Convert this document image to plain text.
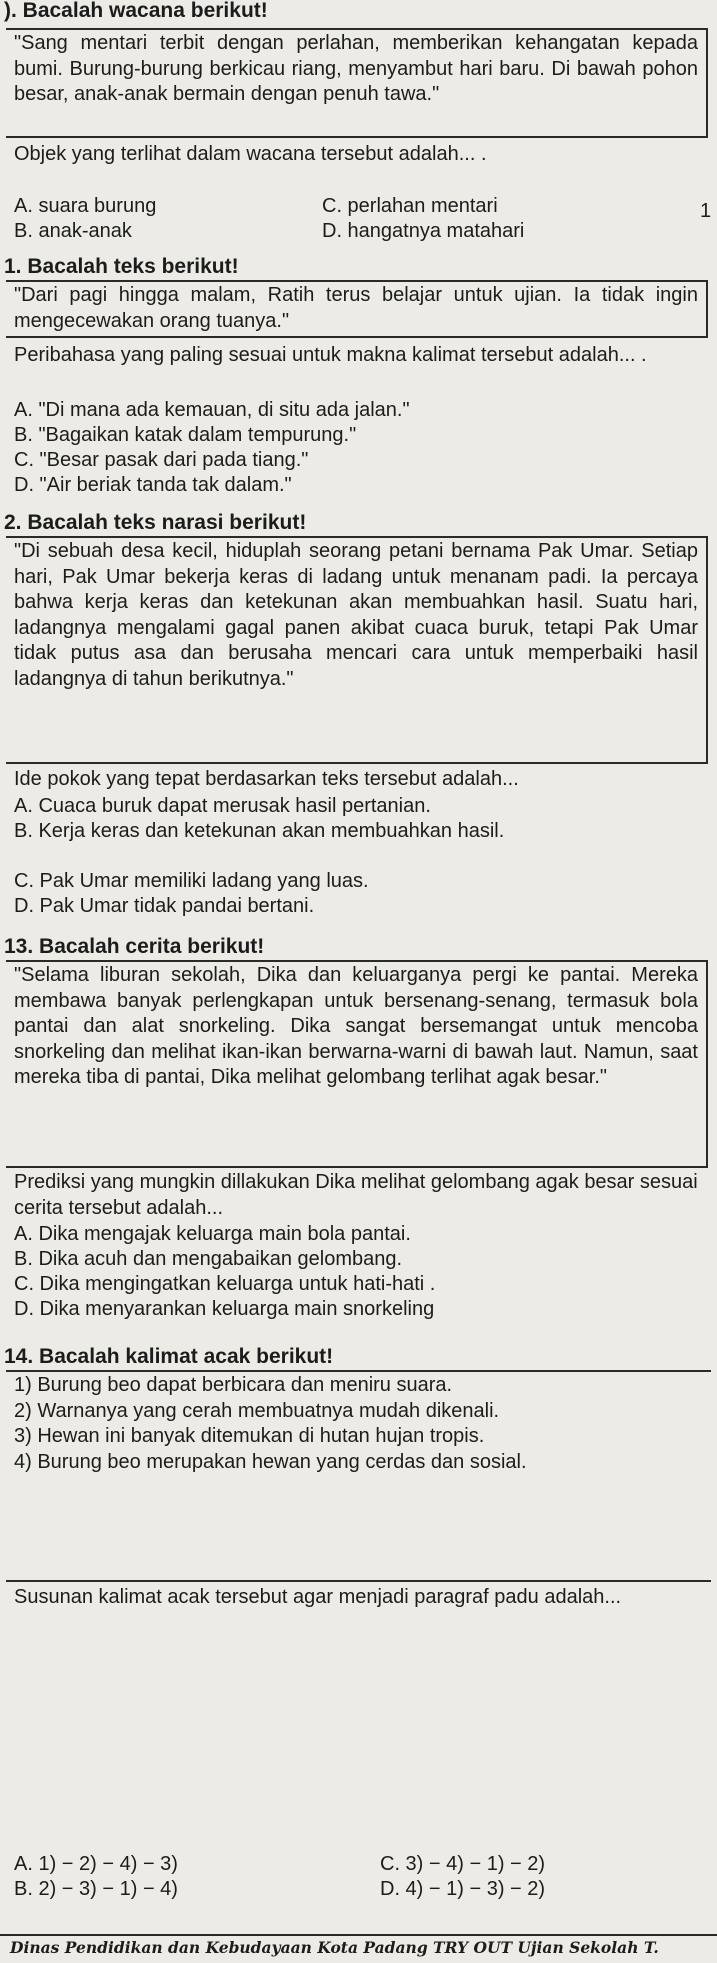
). Bacalah wacana berikut!
"Sang mentari terbit dengan perlahan, memberikan kehangatan kepada bumi. Burung-burung berkicau riang, menyambut hari baru. Di bawah pohon besar, anak-anak bermain dengan penuh tawa."
Objek yang terlihat dalam wacana tersebut adalah... .
A. suara burung
B. anak-anak
C. perlahan mentari
D. hangatnya matahari
1
1. Bacalah teks berikut!
"Dari pagi hingga malam, Ratih terus belajar untuk ujian. Ia tidak ingin mengecewakan orang tuanya."
Peribahasa yang paling sesuai untuk makna kalimat tersebut adalah... .
A. "Di mana ada kemauan, di situ ada jalan."
B. "Bagaikan katak dalam tempurung."
C. "Besar pasak dari pada tiang."
D. "Air beriak tanda tak dalam."
2. Bacalah teks narasi berikut!
"Di sebuah desa kecil, hiduplah seorang petani bernama Pak Umar. Setiap hari, Pak Umar bekerja keras di ladang untuk menanam padi. Ia percaya bahwa kerja keras dan ketekunan akan membuahkan hasil. Suatu hari, ladangnya mengalami gagal panen akibat cuaca buruk, tetapi Pak Umar tidak putus asa dan berusaha mencari cara untuk memperbaiki hasil ladangnya di tahun berikutnya."
Ide pokok yang tepat berdasarkan teks tersebut adalah...
A. Cuaca buruk dapat merusak hasil pertanian.
B. Kerja keras dan ketekunan akan membuahkan hasil.
C. Pak Umar memiliki ladang yang luas.
D. Pak Umar tidak pandai bertani.
13. Bacalah cerita berikut!
"Selama liburan sekolah, Dika dan keluarganya pergi ke pantai. Mereka membawa banyak perlengkapan untuk bersenang-senang, termasuk bola pantai dan alat snorkeling. Dika sangat bersemangat untuk mencoba snorkeling dan melihat ikan-ikan berwarna-warni di bawah laut. Namun, saat mereka tiba di pantai, Dika melihat gelombang terlihat agak besar."
Prediksi yang mungkin dillakukan Dika melihat gelombang agak besar sesuai cerita tersebut adalah...
A. Dika mengajak keluarga main bola pantai.
B. Dika acuh dan mengabaikan gelombang.
C. Dika mengingatkan keluarga untuk hati-hati .
D. Dika menyarankan keluarga main snorkeling
14. Bacalah kalimat acak berikut!
1) Burung beo dapat berbicara dan meniru suara.
2) Warnanya yang cerah membuatnya mudah dikenali.
3) Hewan ini banyak ditemukan di hutan hujan tropis.
4) Burung beo merupakan hewan yang cerdas dan sosial.
Susunan kalimat acak tersebut agar menjadi paragraf padu adalah...
A. 1) − 2) − 4) − 3)
B. 2) − 3) − 1) − 4)
C. 3) − 4) − 1) − 2)
D. 4) − 1) − 3) − 2)
Dinas Pendidikan dan Kebudayaan Kota Padang TRY OUT Ujian Sekolah T.
